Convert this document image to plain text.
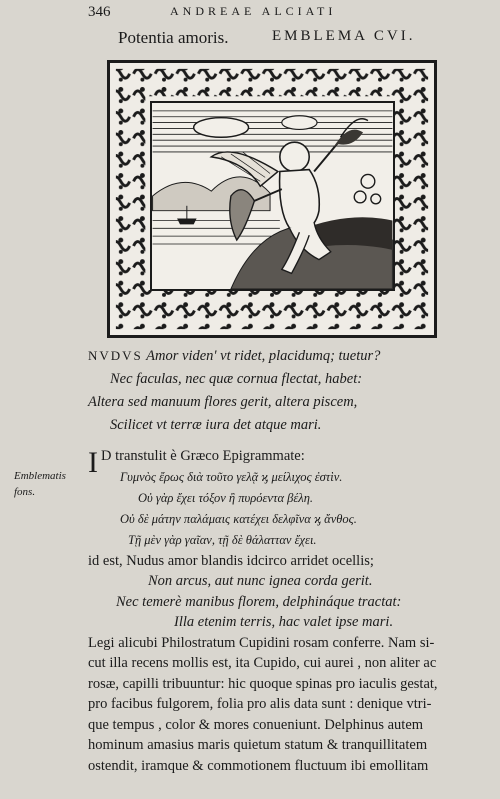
346	ANDREAE ALCIATI
Potentia amoris.	EMBLEMA CVI.
NVDVS Amor viden' vt ridet, placidumq; tuetur?
Nec faculas, nec quæ cornua flectat, habet:
Altera sed manuum flores gerit, altera piscem,
Scilicet vt terræ iura det atque mari.
Emblematis fons.
I D transtulit è Græco Epigrammate:
Γυμνὸς ἔρως διὰ τοῦτο γελᾷ ϗ μείλιχος ἐστὶν.
Οὐ γὰρ ἔχει τόξον ἢ πυρόεντα βέλη.
Οὐ δὲ μάτην παλάμαις κατέχει δελφῖνα ϗ ἄνθος.
Τῇ μὲν γὰρ γαῖαν, τῇ δὲ θάλατταν ἔχει.
id est, Nudus amor blandis idcirco arridet ocellis;
Non arcus, aut nunc ignea corda gerit.
Nec temerè manibus florem, delphináque tractat:
Illa etenim terris, hac valet ipse mari.
Legi alicubi Philostratum Cupidini rosam conferre. Nam si-
cut illa recens mollis est, ita Cupido, cui aurei , non aliter ac
rosæ, capilli tribuuntur: hic quoque spinas pro iaculis gestat,
pro facibus fulgorem, folia pro alis data sunt : denique vtri-
que tempus , color & mores conueniunt. Delphinus autem
hominum amasius maris quietum statum & tranquillitatem
ostendit, iramque & commotionem fluctuum ibi emollitam
